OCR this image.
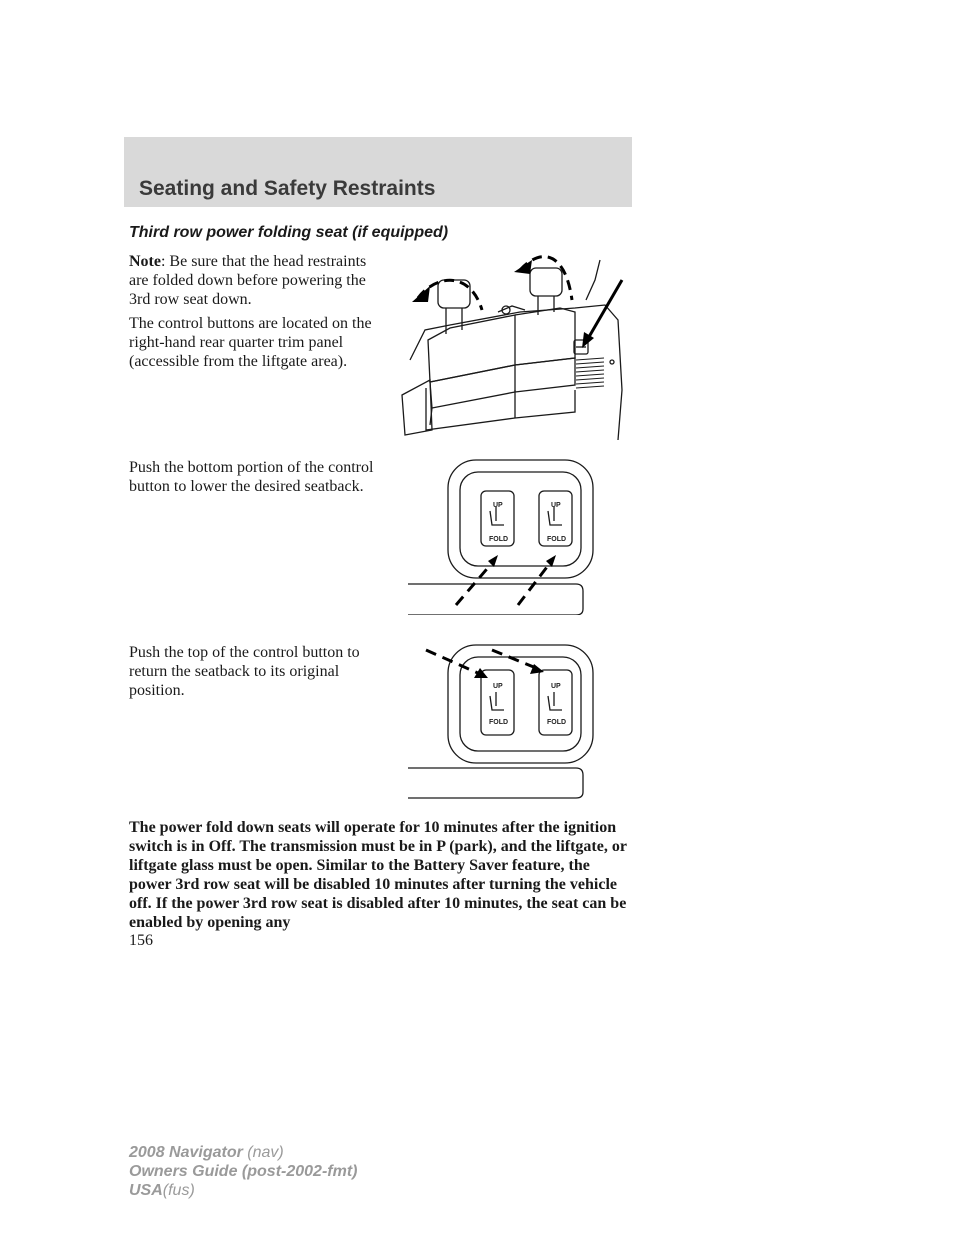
Seating and Safety Restraints
Third row power folding seat (if equipped)

Note: Be sure that the head restraints are folded down before powering the 3rd row seat down.

The control buttons are located on the right-hand rear quarter trim panel (accessible from the liftgate area).

Push the bottom portion of the control button to lower the desired seatback.

Push the top of the control button to return the seatback to its original position.

UP
FOLD
UP
FOLD
UP
FOLD
UP
FOLD

The power fold down seats will operate for 10 minutes after the ignition switch is in Off. The transmission must be in P (park), and the liftgate, or liftgate glass must be open. Similar to the Battery Saver feature, the power 3rd row seat will be disabled 10 minutes after turning the vehicle off. If the power 3rd row seat is disabled after 10 minutes, the seat can be enabled by opening any

156

2008 Navigator (nav)
Owners Guide (post-2002-fmt)
USA(fus)
